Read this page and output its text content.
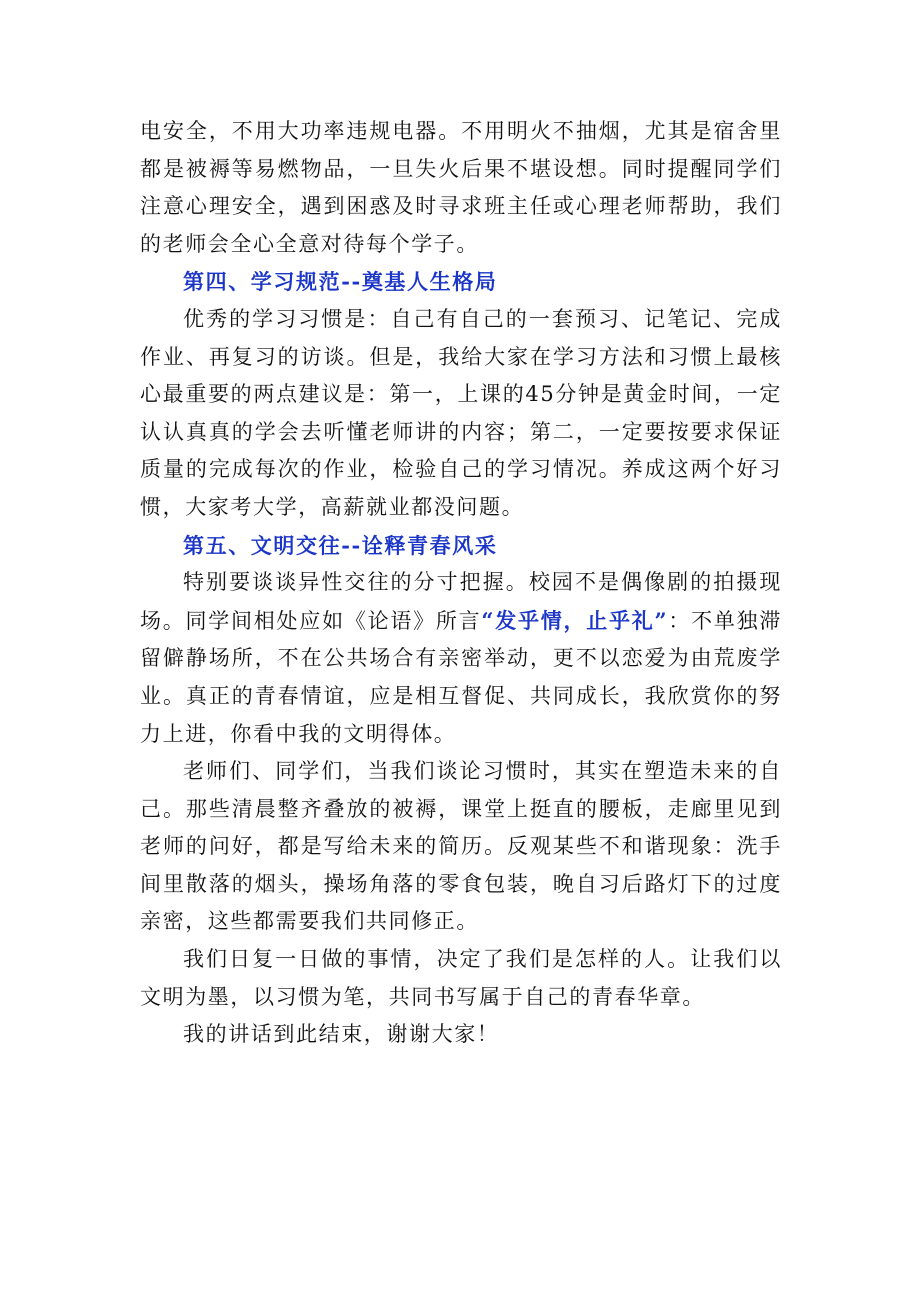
电安全，不用大功率违规电器。不用明火不抽烟，尤其是宿舍里都是被褥等易燃物品，一旦失火后果不堪设想。同时提醒同学们注意心理安全，遇到困惑及时寻求班主任或心理老师帮助，我们的老师会全心全意对待每个学子。

第四、学习规范--奠基人生格局

优秀的学习习惯是：自己有自己的一套预习、记笔记、完成作业、再复习的访谈。但是，我给大家在学习方法和习惯上最核心最重要的两点建议是：第一，上课的45分钟是黄金时间，一定认认真真的学会去听懂老师讲的内容；第二，一定要按要求保证质量的完成每次的作业，检验自己的学习情况。养成这两个好习惯，大家考大学，高薪就业都没问题。

第五、文明交往--诠释青春风采

特别要谈谈异性交往的分寸把握。校园不是偶像剧的拍摄现场。同学间相处应如《论语》所言“发乎情，止乎礼”：不单独滞留僻静场所，不在公共场合有亲密举动，更不以恋爱为由荒废学业。真正的青春情谊，应是相互督促、共同成长，我欣赏你的努力上进，你看中我的文明得体。

老师们、同学们，当我们谈论习惯时，其实在塑造未来的自己。那些清晨整齐叠放的被褥，课堂上挺直的腰板，走廊里见到老师的问好，都是写给未来的简历。反观某些不和谐现象：洗手间里散落的烟头，操场角落的零食包装，晚自习后路灯下的过度亲密，这些都需要我们共同修正。

我们日复一日做的事情，决定了我们是怎样的人。让我们以文明为墨，以习惯为笔，共同书写属于自己的青春华章。

我的讲话到此结束，谢谢大家！
